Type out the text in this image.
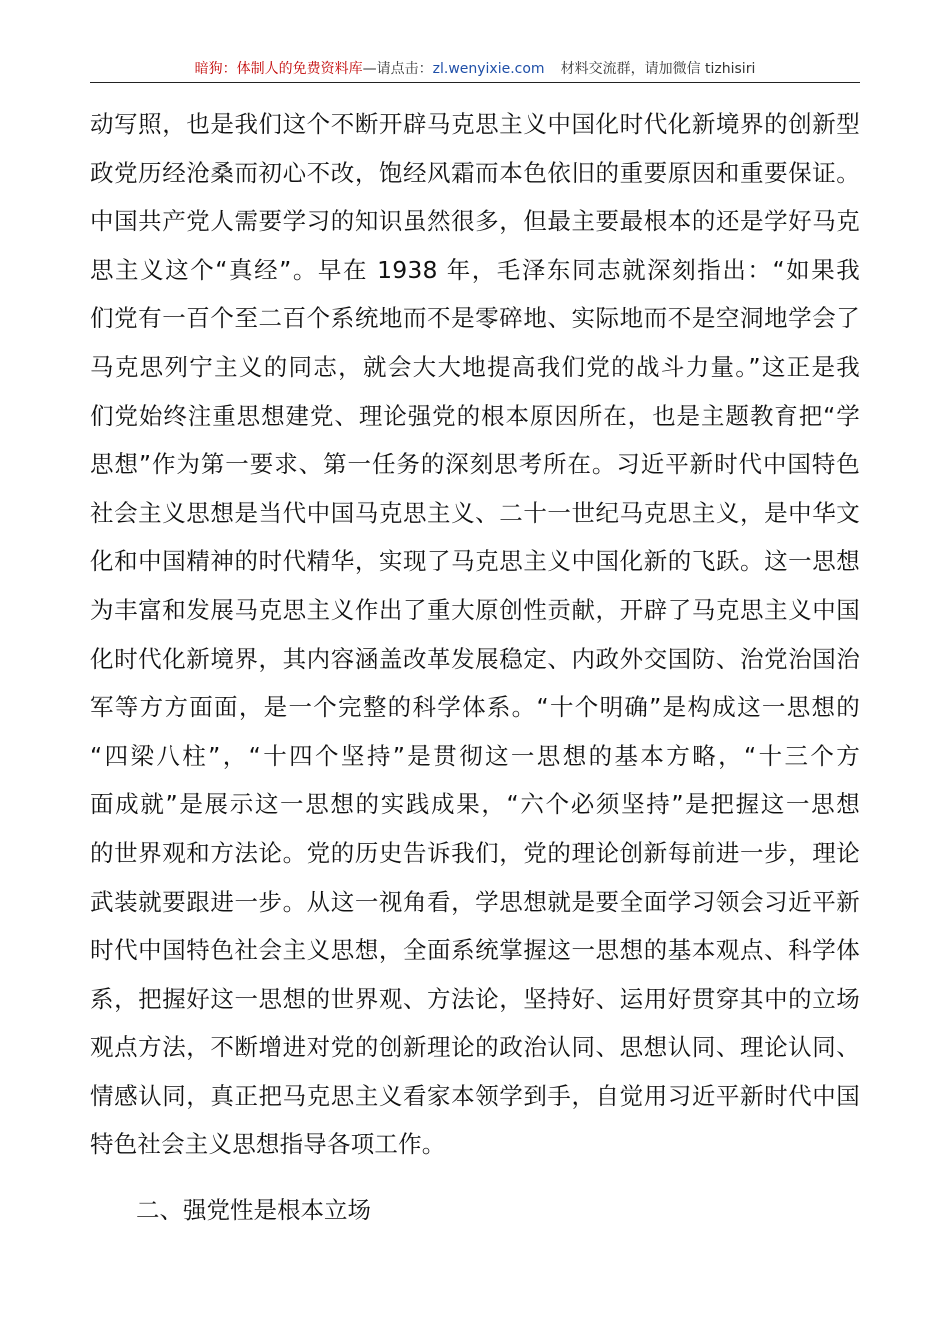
暗狗：体制人的免费资料库—请点击：zl.wenyixie.com 材料交流群，请加微信 tizhisiri
动写照，也是我们这个不断开辟马克思主义中国化时代化新境界的创新型
政党历经沧桑而初心不改，饱经风霜而本色依旧的重要原因和重要保证。
中国共产党人需要学习的知识虽然很多，但最主要最根本的还是学好马克
思主义这个“真经”。早在 1938 年，毛泽东同志就深刻指出：“如果我
们党有一百个至二百个系统地而不是零碎地、实际地而不是空洞地学会了
马克思列宁主义的同志，就会大大地提高我们党的战斗力量。”这正是我
们党始终注重思想建党、理论强党的根本原因所在，也是主题教育把“学
思想”作为第一要求、第一任务的深刻思考所在。习近平新时代中国特色
社会主义思想是当代中国马克思主义、二十一世纪马克思主义，是中华文
化和中国精神的时代精华，实现了马克思主义中国化新的飞跃。这一思想
为丰富和发展马克思主义作出了重大原创性贡献，开辟了马克思主义中国
化时代化新境界，其内容涵盖改革发展稳定、内政外交国防、治党治国治
军等方方面面，是一个完整的科学体系。“十个明确”是构成这一思想的
“四梁八柱”，“十四个坚持”是贯彻这一思想的基本方略，“十三个方
面成就”是展示这一思想的实践成果，“六个必须坚持”是把握这一思想
的世界观和方法论。党的历史告诉我们，党的理论创新每前进一步，理论
武装就要跟进一步。从这一视角看，学思想就是要全面学习领会习近平新
时代中国特色社会主义思想，全面系统掌握这一思想的基本观点、科学体
系，把握好这一思想的世界观、方法论，坚持好、运用好贯穿其中的立场
观点方法，不断增进对党的创新理论的政治认同、思想认同、理论认同、
情感认同，真正把马克思主义看家本领学到手，自觉用习近平新时代中国
特色社会主义思想指导各项工作。
二、强党性是根本立场
